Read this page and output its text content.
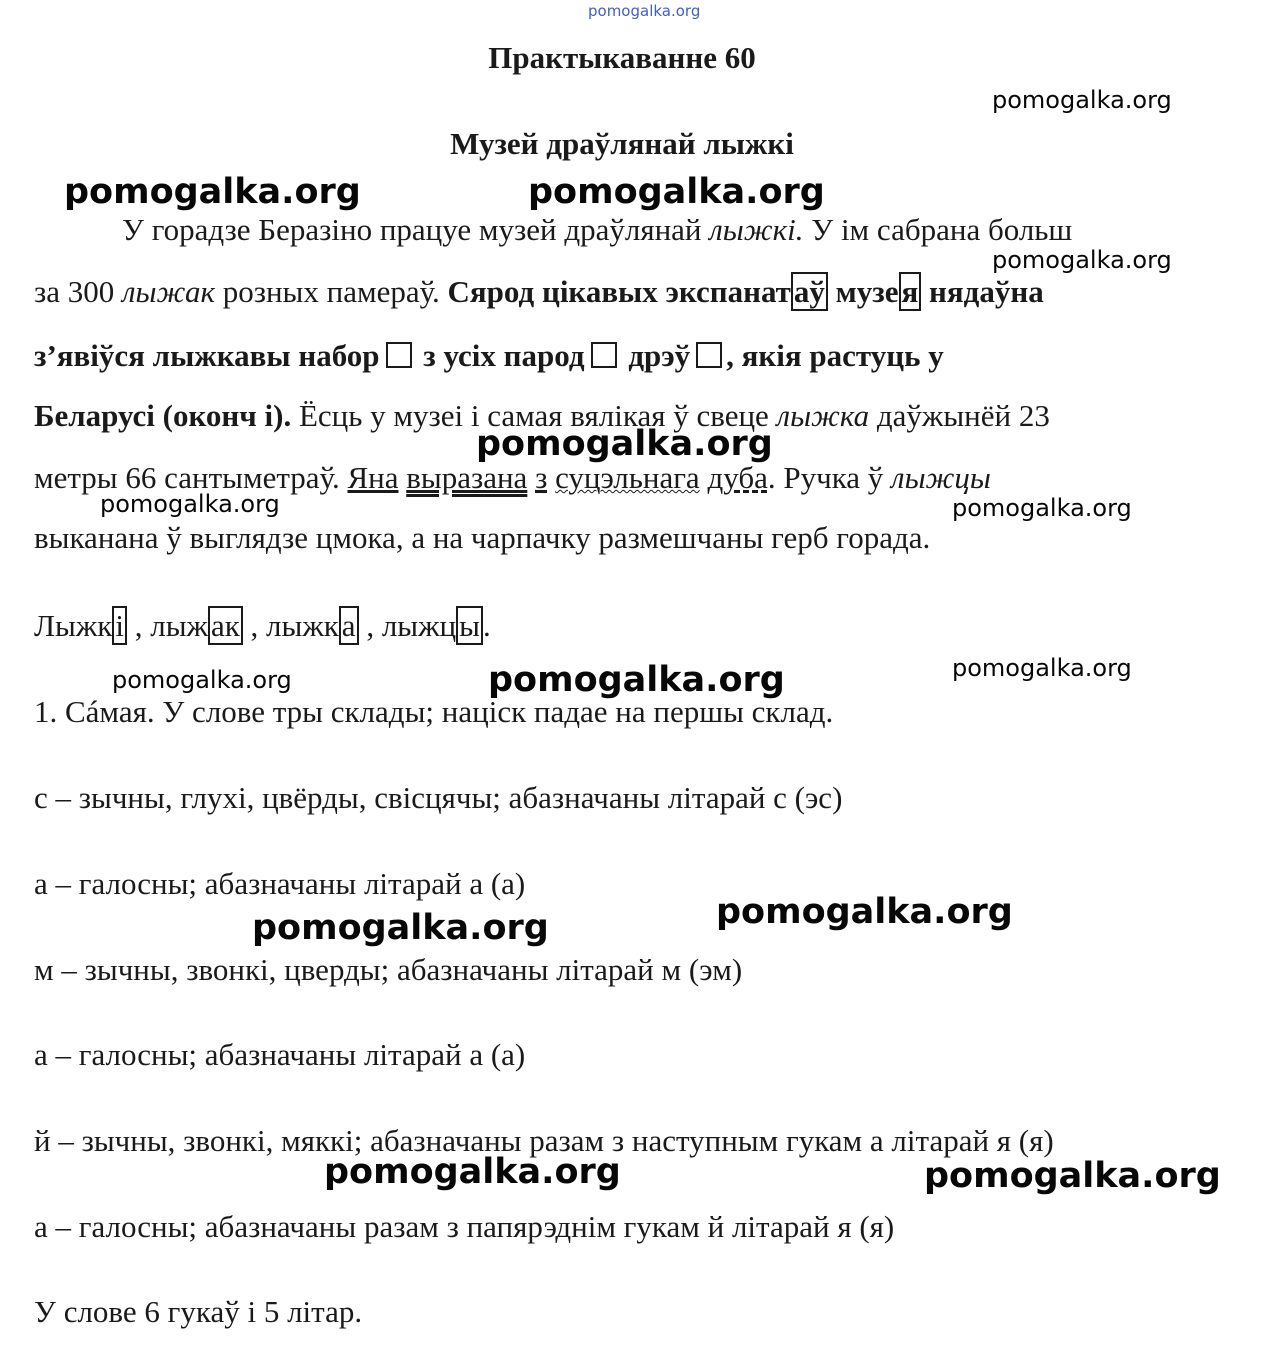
pomogalka.org
Практыкаванне 60
Музей драўлянай лыжкі
У горадзе Беразіно працуе музей драўлянай лыжкі. У ім сабрана больш
за 300 лыжак розных памераў. Сярод цікавых экспанатаў музея нядаўна
з’явіўся лыжкавы набор з усіх парод дрэў , якія растуць у
Беларусі (оконч і). Ёсць у музеі і самая вялікая ў свеце лыжка даўжынёй 23
метры 66 сантыметраў. Яна выразана з суцэльнага дуба. Ручка ў лыжцы
выканана ў выглядзе цмока, а на чарпачку размешчаны герб горада.
Лыжкі , лыжак , лыжка , лыжцы.
1. Сáмая. У слове тры склады; націск падае на першы склад.
с – зычны, глухі, цвёрды, свісцячы; абазначаны літарай с (эс)
а – галосны; абазначаны літарай а (а)
м – зычны, звонкі, цверды; абазначаны літарай м (эм)
а – галосны; абазначаны літарай а (а)
й – зычны, звонкі, мяккі; абазначаны разам з наступным гукам а літарай я (я)
а – галосны; абазначаны разам з папярэднім гукам й літарай я (я)
У слове 6 гукаў і 5 літар.
pomogalka.org
pomogalka.org	pomogalka.org
pomogalka.org
pomogalka.org
pomogalka.org	pomogalka.org
pomogalka.org	pomogalka.org	pomogalka.org
pomogalka.org
pomogalka.org
pomogalka.org	pomogalka.org
